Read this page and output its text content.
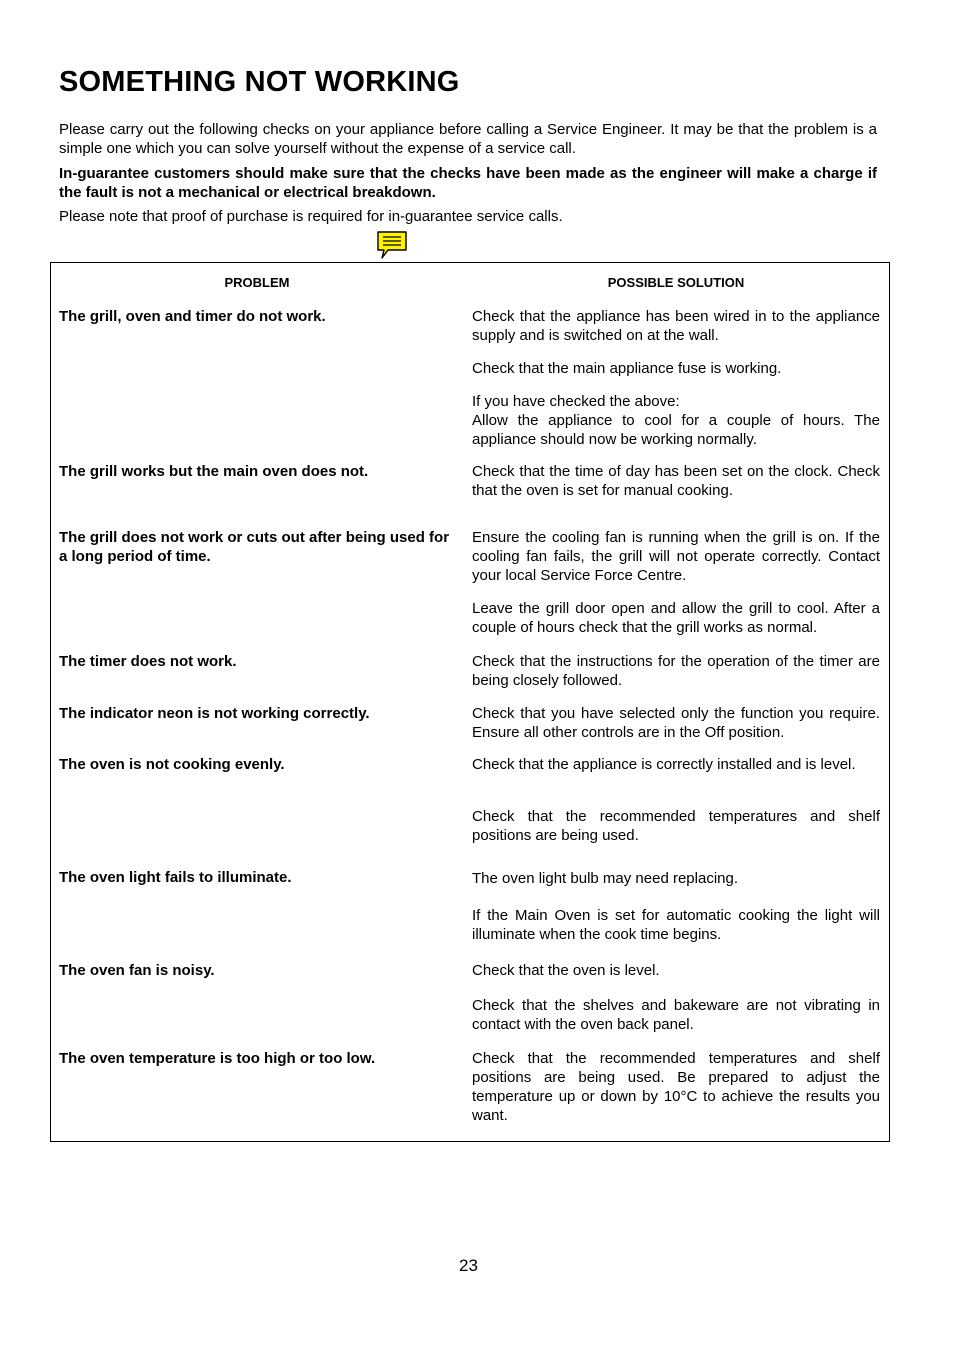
SOMETHING NOT WORKING
Please carry out the following checks on your appliance before calling a Service Engineer. It may be that the problem is a simple one which you can solve yourself without the expense of a service call.
In-guarantee customers should make sure that the checks have been made as the engineer will make a charge if the fault is not a mechanical or electrical breakdown.
Please note that proof of purchase is required for in-guarantee service calls.
PROBLEM	POSSIBLE SOLUTION
The grill, oven and timer do not work.
The grill works but the main oven does not.
The grill does not work or cuts out after being used for a long period of time.
The timer does not work.
The indicator neon is not working correctly.
The oven is not cooking evenly.
The oven light fails to illuminate.
The oven fan is noisy.
The oven temperature is too high or too low.
Check that the appliance has been wired in to the appliance supply and is switched on at the wall.
Check that the main appliance fuse is working.
If you have checked the above:
Allow the appliance to cool for a couple of hours. The appliance should now be working normally.
Check that the time of day has been set on the clock. Check that the oven is set for manual cooking.
Ensure the cooling fan is running when the grill is on. If the cooling fan fails, the grill will not operate correctly. Contact your local Service Force Centre.
Leave the grill door open and allow the grill to cool. After a couple of hours check that the grill works as normal.
Check that the instructions for the operation of the timer are being closely followed.
Check that you have selected only the function you require. Ensure all other controls are in the Off position.
Check that the appliance is correctly installed and is level.
Check that the recommended temperatures and shelf positions are being used.
The oven light bulb may need replacing.
If the Main Oven is set for automatic cooking the light will illuminate when the cook time begins.
Check that the oven is level.
Check that the shelves and bakeware are not vibrating in contact with the oven back panel.
Check that the recommended temperatures and shelf positions are being used. Be prepared to adjust the temperature up or down by 10°C to achieve the results you want.
23
